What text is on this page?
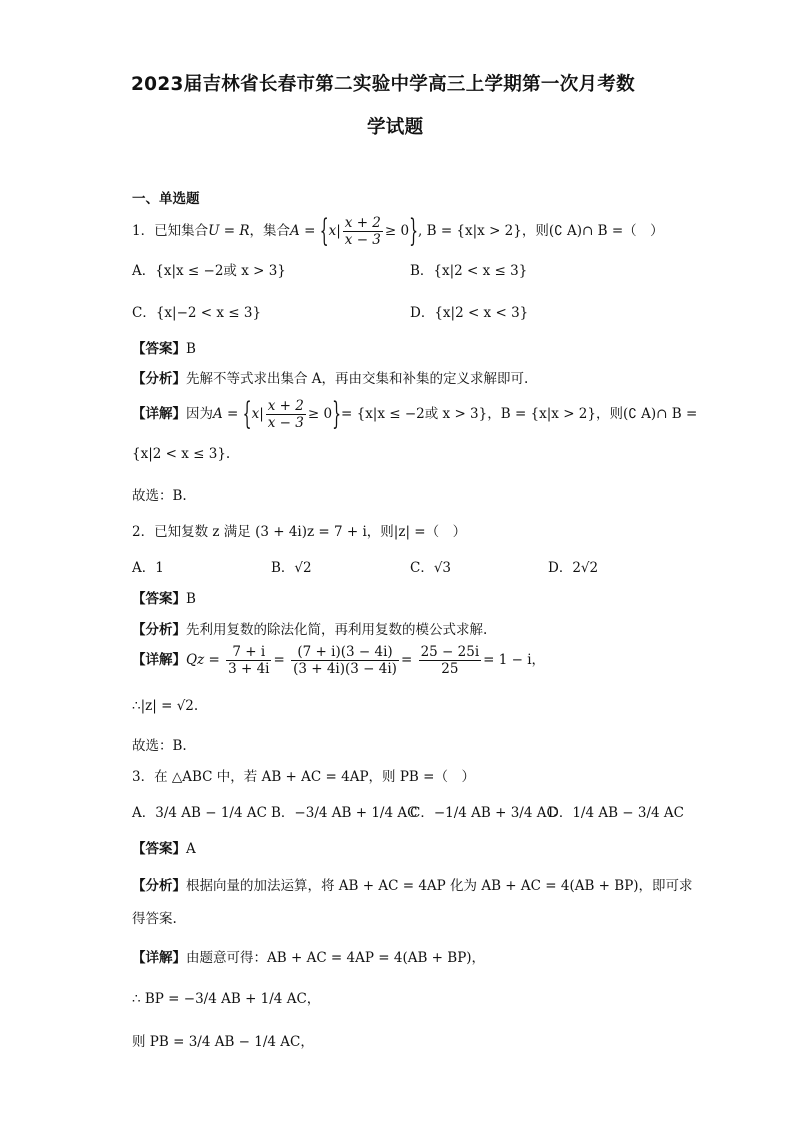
2023届吉林省长春市第二实验中学高三上学期第一次月考数
学试题
一、单选题
1．已知集合U = R，集合$A = \{x| \frac{x + 2}{x - 3} \ge 0\}$, B = {x|x > 2}，则(∁ A)∩ B =（　）
A．{x|x ≤ −2或 x > 3}	B．{x|2 < x ≤ 3}
C．{x|−2 < x ≤ 3}	D．{x|2 < x < 3}
【答案】B
【分析】先解不等式求出集合 A，再由交集和补集的定义求解即可.
【详解】因为$A = \{x| \frac{x + 2}{x - 3} \ge 0\}= \{x|x \le -2$或 x > 3}，B = {x|x > 2}，则(∁ A)∩ B =
{x|2 < x ≤ 3}.
故选：B.
2．已知复数 z 满足 (3 + 4i)z = 7 + i，则|z| =（　）
A．1	B．√2	C．√3	D．2√2
【答案】B
【分析】先利用复数的除法化简，再利用复数的模公式求解.
【详解】$Qz = \frac{7 + i}{3 + 4i} = \frac{(7 + i)(3 - 4i)}{(3 + 4i)(3 - 4i)} = \frac{25 - 25i}{25} = 1 - i$，
∴|z| = √2.
故选：B.
3．在 △ABC 中，若 AB + AC = 4AP，则 PB =（　）
A．3/4 AB − 1/4 AC B．−3/4 AB + 1/4 AC
C．−1/4 AB + 3/4 AC
D．1/4 AB − 3/4 AC
【答案】A
【分析】根据向量的加法运算，将 AB + AC = 4AP 化为 AB + AC = 4(AB + BP)，即可求
得答案.
【详解】由题意可得：AB + AC = 4AP = 4(AB + BP)，
∴ BP = −3/4 AB + 1/4 AC，
则 PB = 3/4 AB − 1/4 AC，
